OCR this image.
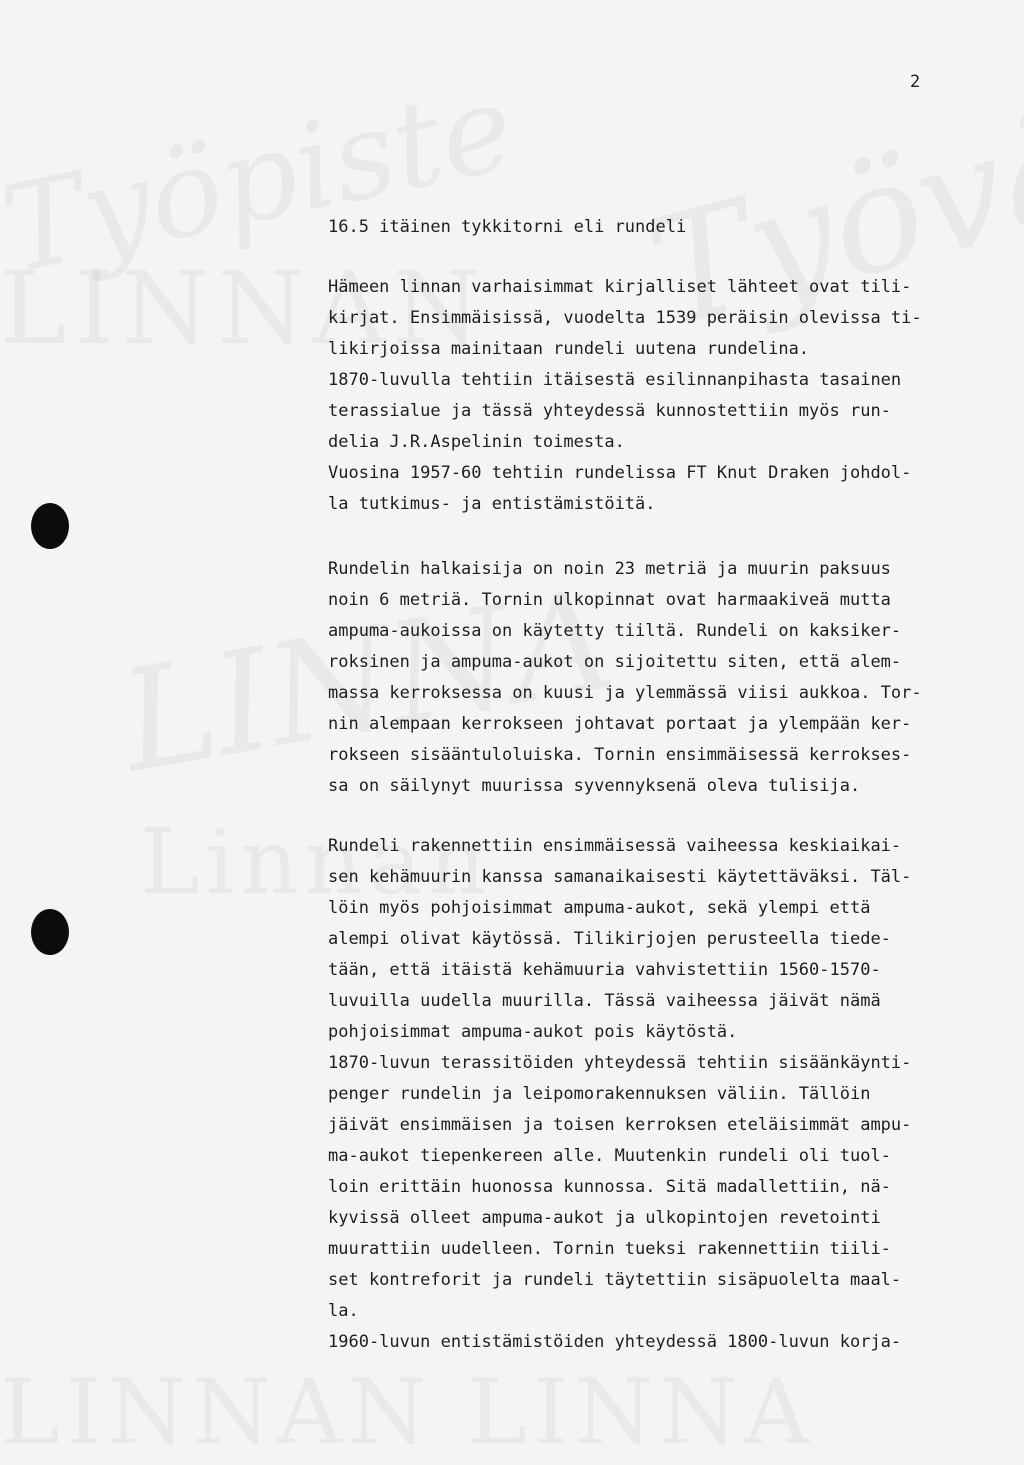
2
16.5 itäinen tykkitorni eli rundeli
Hämeen linnan varhaisimmat kirjalliset lähteet ovat tili-
kirjat. Ensimmäisissä, vuodelta 1539 peräisin olevissa ti-
likirjoissa mainitaan rundeli uutena rundelina.
1870-luvulla tehtiin itäisestä esilinnanpihasta tasainen
terassialue ja tässä yhteydessä kunnostettiin myös run-
delia J.R.Aspelinin toimesta.
Vuosina 1957-60 tehtiin rundelissa FT Knut Draken johdol-
la tutkimus- ja entistämistöitä.
Rundelin halkaisija on noin 23 metriä ja muurin paksuus
noin 6 metriä. Tornin ulkopinnat ovat harmaakiveä mutta
ampuma-aukoissa on käytetty tiiltä. Rundeli on kaksiker-
roksinen ja ampuma-aukot on sijoitettu siten, että alem-
massa kerroksessa on kuusi ja ylemmässä viisi aukkoa. Tor-
nin alempaan kerrokseen johtavat portaat ja ylempään ker-
rokseen sisääntuloluiska. Tornin ensimmäisessä kerrokses-
sa on säilynyt muurissa syvennyksenä oleva tulisija.
Rundeli rakennettiin ensimmäisessä vaiheessa keskiaikai-
sen kehämuurin kanssa samanaikaisesti käytettäväksi. Täl-
löin myös pohjoisimmat ampuma-aukot, sekä ylempi että
alempi olivat käytössä. Tilikirjojen perusteella tiede-
tään, että itäistä kehämuuria vahvistettiin 1560-1570-
luvuilla uudella muurilla. Tässä vaiheessa jäivät nämä
pohjoisimmat ampuma-aukot pois käytöstä.
1870-luvun terassitöiden yhteydessä tehtiin sisäänkäynti-
penger rundelin ja leipomorakennuksen väliin. Tällöin
jäivät ensimmäisen ja toisen kerroksen eteläisimmät ampu-
ma-aukot tiepenkereen alle. Muutenkin rundeli oli tuol-
loin erittäin huonossa kunnossa. Sitä madallettiin, nä-
kyvissä olleet ampuma-aukot ja ulkopintojen revetointi
muurattiin uudelleen. Tornin tueksi rakennettiin tiili-
set kontreforit ja rundeli täytettiin sisäpuolelta maal-
la.
1960-luvun entistämistöiden yhteydessä 1800-luvun korja-
